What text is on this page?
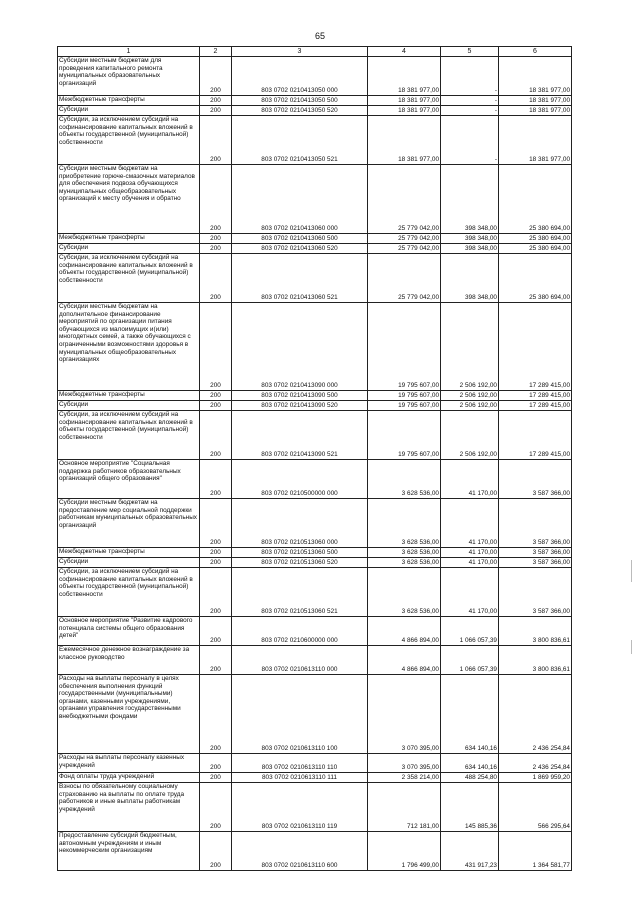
65
1	2	3	4	5	6
Субсидии местным бюджетам для проведения капитального ремонта муниципальных образовательных организаций	200	803 0702 0210413050 000	18 381 977,00	-	18 381 977,00
Межбюджетные трансферты	200	803 0702 0210413050 500	18 381 977,00	-	18 381 977,00
Субсидии	200	803 0702 0210413050 520	18 381 977,00	-	18 381 977,00
Субсидии, за исключением субсидий на софинансирование капитальных вложений в объекты государственной (муниципальной) собственности	200	803 0702 0210413050 521	18 381 977,00	-	18 381 977,00
Субсидии местным бюджетам на приобретение горюче-смазочных материалов для обеспечения подвоза обучающихся муниципальных общеобразовательных организаций к месту обучения и обратно	200	803 0702 0210413060 000	25 779 042,00	398 348,00	25 380 694,00
Межбюджетные трансферты	200	803 0702 0210413060 500	25 779 042,00	398 348,00	25 380 694,00
Субсидии	200	803 0702 0210413060 520	25 779 042,00	398 348,00	25 380 694,00
Субсидии, за исключением субсидий на софинансирование капитальных вложений в объекты государственной (муниципальной) собственности	200	803 0702 0210413060 521	25 779 042,00	398 348,00	25 380 694,00
Субсидии местным бюджетам на дополнительное финансирование мероприятий по организации питания обучающихся из малоимущих и(или) многодетных семей, а также обучающихся с ограниченными возможностями здоровья в муниципальных общеобразовательных организациях	200	803 0702 0210413090 000	19 795 607,00	2 506 192,00	17 289 415,00
Межбюджетные трансферты	200	803 0702 0210413090 500	19 795 607,00	2 506 192,00	17 289 415,00
Субсидии	200	803 0702 0210413090 520	19 795 607,00	2 506 192,00	17 289 415,00
Субсидии, за исключением субсидий на софинансирование капитальных вложений в объекты государственной (муниципальной) собственности	200	803 0702 0210413090 521	19 795 607,00	2 506 192,00	17 289 415,00
Основное мероприятие "Социальная поддержка работников образовательных организаций общего образования"	200	803 0702 0210500000 000	3 628 536,00	41 170,00	3 587 366,00
Субсидии местным бюджетам на предоставление мер социальной поддержки работникам муниципальных образовательных организаций	200	803 0702 0210513060 000	3 628 536,00	41 170,00	3 587 366,00
Межбюджетные трансферты	200	803 0702 0210513060 500	3 628 536,00	41 170,00	3 587 366,00
Субсидии	200	803 0702 0210513060 520	3 628 536,00	41 170,00	3 587 366,00
Субсидии, за исключением субсидий на софинансирование капитальных вложений в объекты государственной (муниципальной) собственности	200	803 0702 0210513060 521	3 628 536,00	41 170,00	3 587 366,00
Основное мероприятие "Развитие кадрового потенциала системы общего образования детей"	200	803 0702 0210600000 000	4 866 894,00	1 066 057,39	3 800 836,61
Ежемесячное денежное вознаграждение за классное руководство	200	803 0702 0210613110 000	4 866 894,00	1 066 057,39	3 800 836,61
Расходы на выплаты персоналу в целях обеспечения выполнения функций государственными (муниципальными) органами, казенными учреждениями, органами управления государственными внебюджетными фондами	200	803 0702 0210613110 100	3 070 395,00	634 140,16	2 436 254,84
Расходы на выплаты персоналу казенных учреждений	200	803 0702 0210613110 110	3 070 395,00	634 140,16	2 436 254,84
Фонд оплаты труда учреждений	200	803 0702 0210613110 111	2 358 214,00	488 254,80	1 869 959,20
Взносы по обязательному социальному страхованию на выплаты по оплате труда работников и иные выплаты работникам учреждений	200	803 0702 0210613110 119	712 181,00	145 885,36	566 295,64
Предоставление субсидий бюджетным, автономным учреждениям и иным некоммерческим организациям	200	803 0702 0210613110 600	1 796 499,00	431 917,23	1 364 581,77
